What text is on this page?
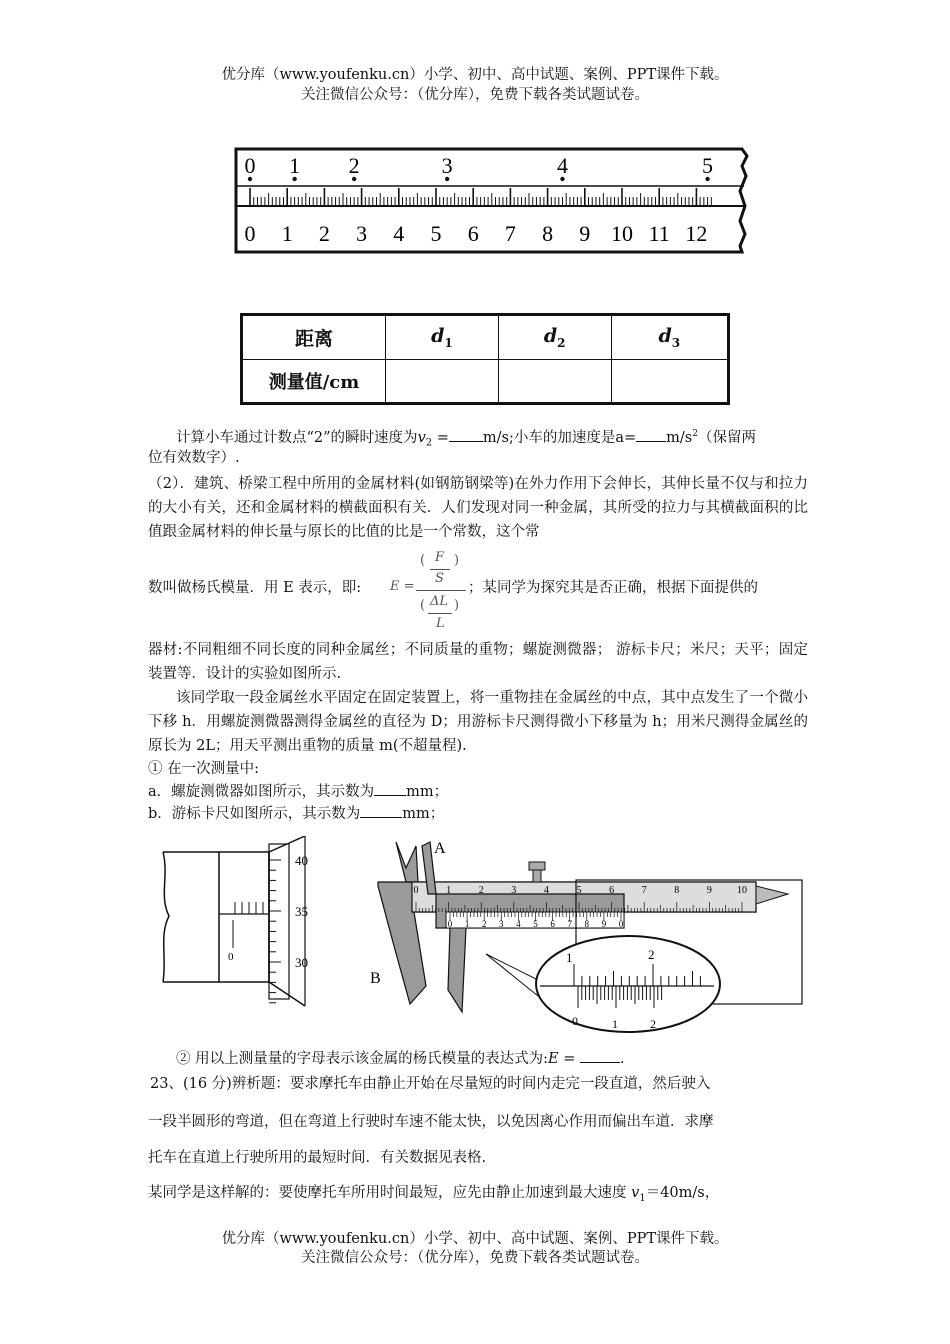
优分库（www.youfenku.cn）小学、初中、高中试题、案例、PPT课件下载。
关注微信公众号：（优分库），免费下载各类试题试卷。
0 1 2	3	4	5
0 1 2 3 4 5 6 7 8 9 10 11 12
距离	$d_1$	$d_2$	$d_3$
测量值/cm			
计算小车通过计数点“2”的瞬时速度为$v_2 = m/s$;小车的加速度是$a= m/s^2$（保留两
位有效数字）.
（2）．建筑、桥梁工程中所用的金属材料(如钢筋钢梁等)在外力作用下会伸长，其伸长量不仅与和拉力的大小有关，还和金属材料的横截面积有关．人们发现对同一种金属，其所受的拉力与其横截面积的比值跟金属材料的伸长量与原长的比值的比是一个常数，这个常
数叫做杨氏模量．用 E 表示，即: E =
( F
S
)
( ΔL
L
)
；某同学为探究其是否正确，根据下面提供的
器材:不同粗细不同长度的同种金属丝；不同质量的重物；螺旋测微器； 游标卡尺；米尺；天平；固定装置等．设计的实验如图所示.
该同学取一段金属丝水平固定在固定装置上，将一重物挂在金属丝的中点，其中点发生了一个微小下移 h．用螺旋测微器测得金属丝的直径为 D；用游标卡尺测得微小下移量为 h；用米尺测得金属丝的原长为 2L；用天平测出重物的质量 m(不超量程).
① 在一次测量中:
a．螺旋测微器如图所示，其示数为 mm；
b．游标卡尺如图所示，其示数为	mm；
0
40
35
30
A
B
0	1	2	3	4	5	6	7	8	9	10
0 1 2 3 4 5 6 7 8 9 0
1	2
0	1	2
② 用以上测量量的字母表示该金属的杨氏模量的表达式为:E =	.
23、(16 分)辨析题：要求摩托车由静止开始在尽量短的时间内走完一段直道，然后驶入
一段半圆形的弯道，但在弯道上行驶时车速不能太快，以免因离心作用而偏出车道．求摩
托车在直道上行驶所用的最短时间．有关数据见表格.
某同学是这样解的：要使摩托车所用时间最短，应先由静止加速到最大速度 $v_1=40m/s$，
优分库（www.youfenku.cn）小学、初中、高中试题、案例、PPT课件下载。
关注微信公众号：（优分库），免费下载各类试题试卷。
